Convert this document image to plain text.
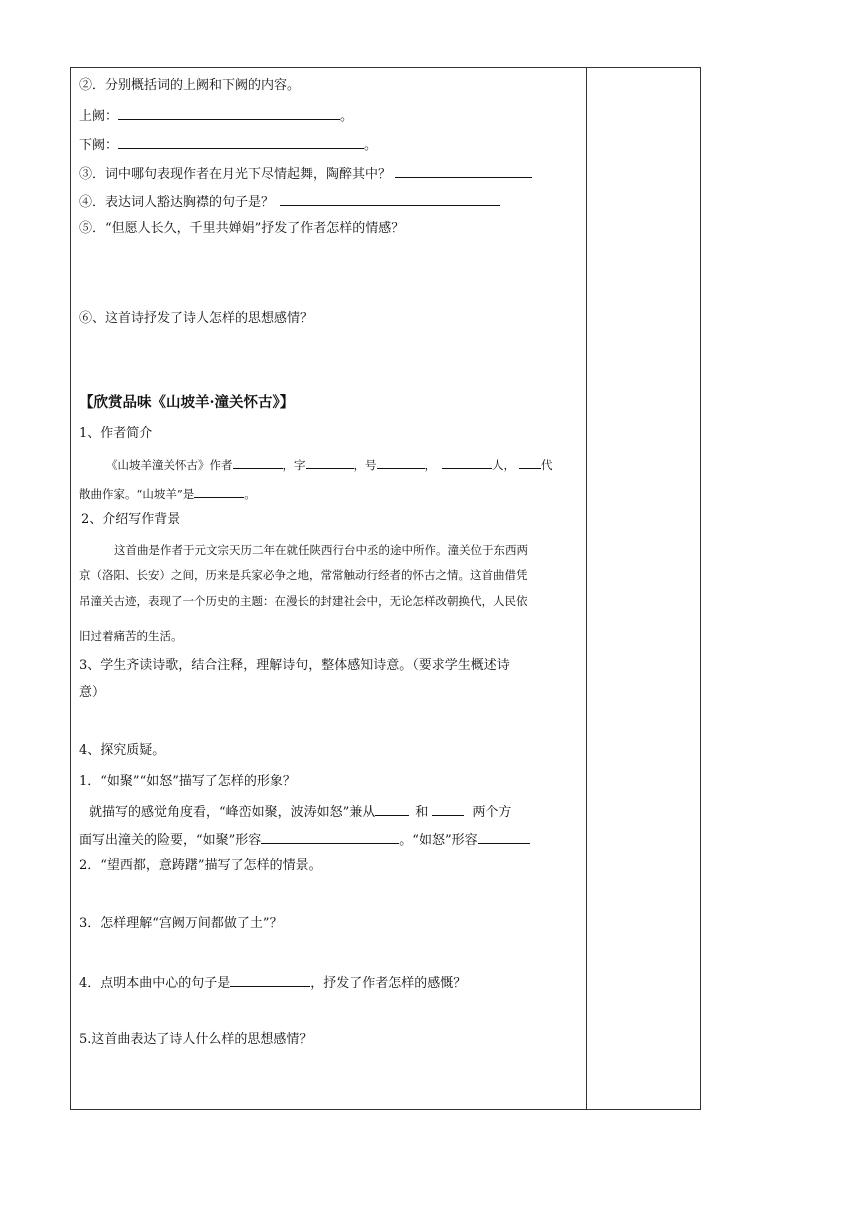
②．分别概括词的上阙和下阙的内容。
上阙：	。
下阙：	。
③．词中哪句表现作者在月光下尽情起舞，陶醉其中？
④．表达词人豁达胸襟的句子是？
⑤．“但愿人长久，千里共婵娟”抒发了作者怎样的情感？
⑥、这首诗抒发了诗人怎样的思想感情？
【欣赏品味《山坡羊·潼关怀古》】
1、作者简介
《山坡羊潼关怀古》作者	，字	，号	，	人， 代
散曲作家。“山坡羊”是	。
2、介绍写作背景
这首曲是作者于元文宗天历二年在就任陕西行台中丞的途中所作。潼关位于东西两
京（洛阳、长安）之间，历来是兵家必争之地，常常触动行经者的怀古之情。这首曲借凭
吊潼关古迹，表现了一个历史的主题：在漫长的封建社会中，无论怎样改朝换代，人民依
旧过着痛苦的生活。
3、学生齐读诗歌，结合注释，理解诗句，整体感知诗意。（要求学生概述诗
意）
4、探究质疑。
1．“如聚”“如怒”描写了怎样的形象？
就描写的感觉角度看，“峰峦如聚，波涛如怒”兼从	和	两个方
面写出潼关的险要，“如聚”形容	。“如怒”形容
2．“望西都，意踌躇”描写了怎样的情景。
3．怎样理解“宫阙万间都做了土”？
4．点明本曲中心的句子是	，抒发了作者怎样的感慨？
5.这首曲表达了诗人什么样的思想感情？
